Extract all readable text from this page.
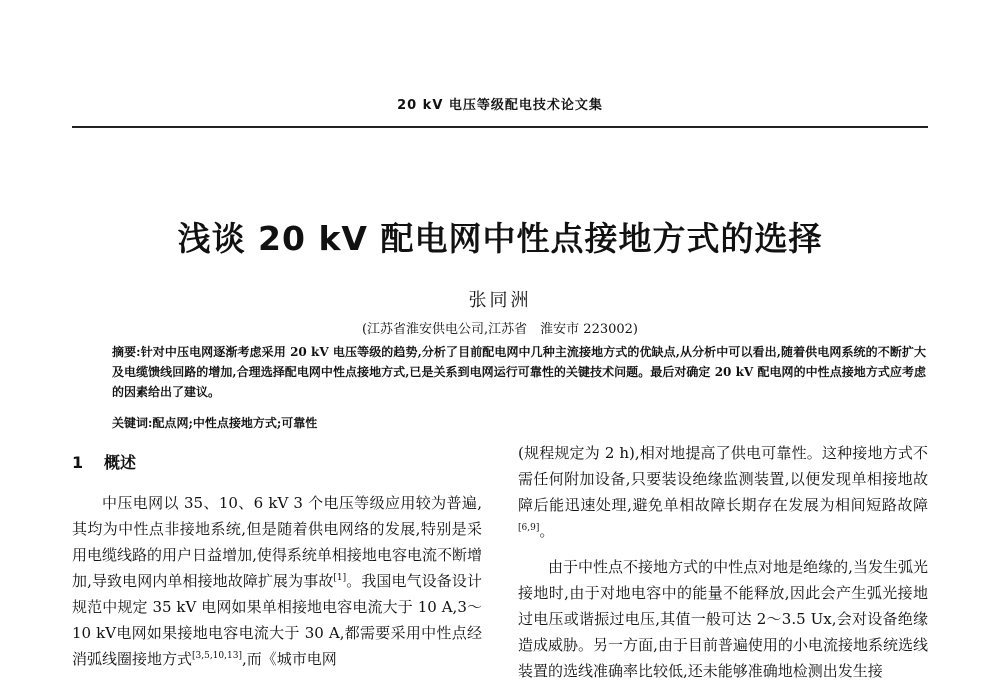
20 kV 电压等级配电技术论文集
浅谈 20 kV 配电网中性点接地方式的选择
张同洲
(江苏省淮安供电公司,江苏省　淮安市 223002)

摘要:针对中压电网逐渐考虑采用 20 kV 电压等级的趋势,分析了目前配电网中几种主流接地方式的优缺点,从分析中可以看出,随着供电网系统的不断扩大及电缆馈线回路的增加,合理选择配电网中性点接地方式,已是关系到电网运行可靠性的关键技术问题。最后对确定 20 kV 配电网的中性点接地方式应考虑的因素给出了建议。

关键词:配点网;中性点接地方式;可靠性
1 概述

中压电网以 35、10、6 kV 3 个电压等级应用较为普遍,其均为中性点非接地系统,但是随着供电网络的发展,特别是采用电缆线路的用户日益增加,使得系统单相接地电容电流不断增加,导致电网内单相接地故障扩展为事故[1]。我国电气设备设计规范中规定 35 kV 电网如果单相接地电容电流大于 10 A,3～10 kV电网如果接地电容电流大于 30 A,都需要采用中性点经消弧线圈接地方式[3,5,10,13],而《城市电网

(规程规定为 2 h),相对地提高了供电可靠性。这种接地方式不需任何附加设备,只要装设绝缘监测装置,以便发现单相接地故障后能迅速处理,避免单相故障长期存在发展为相间短路故障[6,9]。

由于中性点不接地方式的中性点对地是绝缘的,当发生弧光接地时,由于对地电容中的能量不能释放,因此会产生弧光接地过电压或谐振过电压,其值一般可达 2～3.5 Ux,会对设备绝缘造成威胁。另一方面,由于目前普遍使用的小电流接地系统选线装置的选线准确率比较低,还未能够准确地检测出发生接
